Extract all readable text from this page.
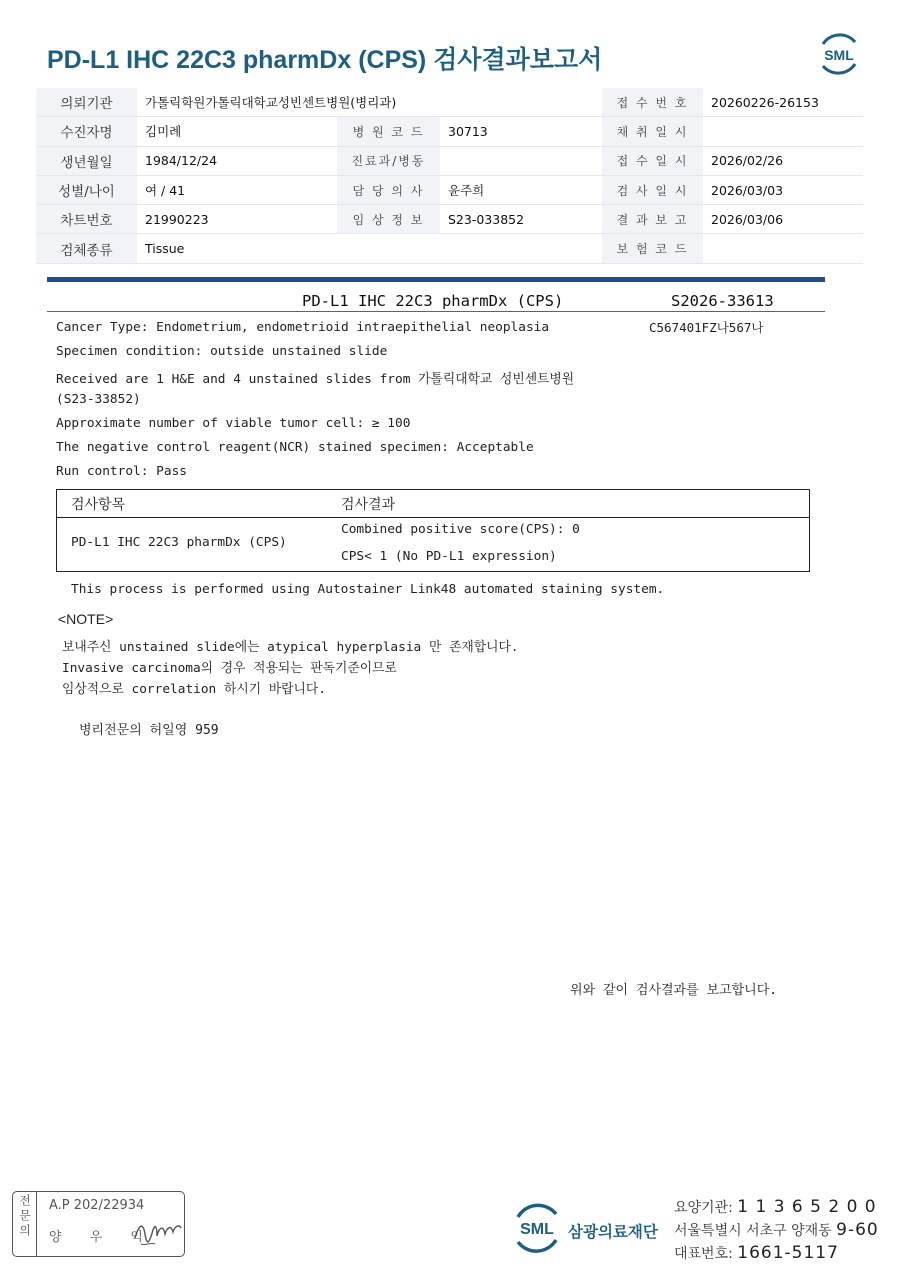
PD-L1 IHC 22C3 pharmDx (CPS) 검사결과보고서	SML
의뢰기관	가톨릭학원가톨릭대학교성빈센트병원(병리과)			접 수 번 호	20260226-26153
수진자명	김미례	병 원 코 드	30713	채 취 일 시	
생년월일	1984/12/24	진료과/병동		접 수 일 시	2026/02/26
성별/나이	여 / 41	담 당 의 사	윤주희	검 사 일 시	2026/03/03
차트번호	21990223	임 상 정 보	S23-033852	결 과 보 고	2026/03/06
검체종류	Tissue			보 험 코 드	
PD-L1 IHC 22C3 pharmDx (CPS)	S2026-33613
C567401FZ나567나
Cancer Type: Endometrium, endometrioid intraepithelial neoplasia
Specimen condition: outside unstained slide
Received are 1 H&E and 4 unstained slides from 가톨릭대학교 성빈센트병원
(S23-33852)
Approximate number of viable tumor cell: ≥ 100
The negative control reagent(NCR) stained specimen: Acceptable
Run control: Pass
검사항목	검사결과
PD-L1 IHC 22C3 pharmDx (CPS)
Combined positive score(CPS): 0
CPS< 1 (No PD-L1 expression)
This process is performed using Autostainer Link48 automated staining system.
<NOTE>
보내주신 unstained slide에는 atypical hyperplasia 만 존재합니다.
Invasive carcinoma의 경우 적용되는 판독기준이므로
임상적으로 correlation 하시기 바랍니다.
병리전문의 허일영 959
위와 같이 검사결과를 보고합니다.
전문의	A.P 202/22934
양 우 익	SML 삼광의료재단
요양기관: 1 1 3 6 5 2 0 0
서울특별시 서초구 양재동 9-60
대표번호: 1661-5117
